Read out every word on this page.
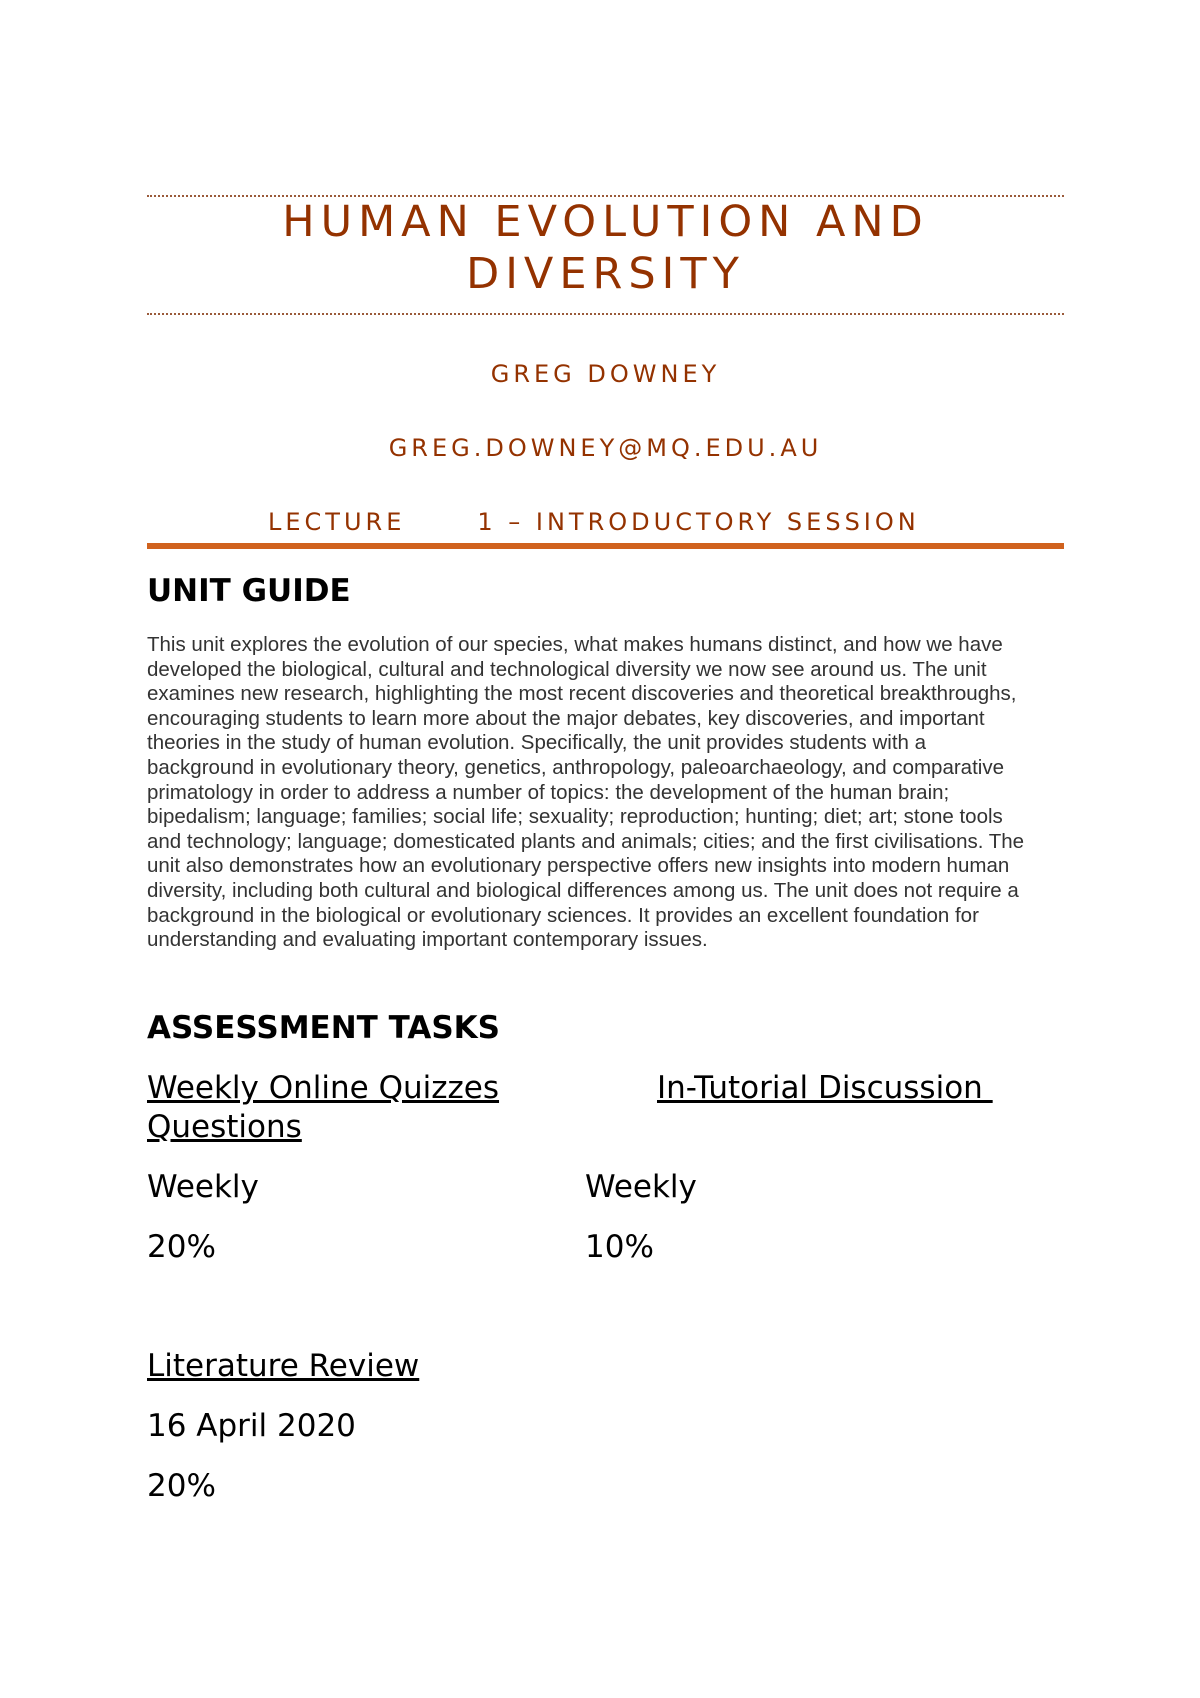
HUMAN EVOLUTION AND
DIVERSITY
GREG DOWNEY
GREG.DOWNEY@MQ.EDU.AU
LECTURE	1 – INTRODUCTORY SESSION
UNIT GUIDE

This unit explores the evolution of our species, what makes humans distinct, and how we have

developed the biological, cultural and technological diversity we now see around us. The unit

examines new research, highlighting the most recent discoveries and theoretical breakthroughs,

encouraging students to learn more about the major debates, key discoveries, and important

theories in the study of human evolution. Specifically, the unit provides students with a

background in evolutionary theory, genetics, anthropology, paleoarchaeology, and comparative

primatology in order to address a number of topics: the development of the human brain;

bipedalism; language; families; social life; sexuality; reproduction; hunting; diet; art; stone tools

and technology; language; domesticated plants and animals; cities; and the first civilisations. The

unit also demonstrates how an evolutionary perspective offers new insights into modern human

diversity, including both cultural and biological differences among us. The unit does not require a

background in the biological or evolutionary sciences. It provides an excellent foundation for

understanding and evaluating important contemporary issues.

ASSESSMENT TASKS
Weekly Online Quizzes	In-Tutorial Discussion
Questions
Weekly	Weekly
20%	10%
Literature Review
16 April 2020
20%
